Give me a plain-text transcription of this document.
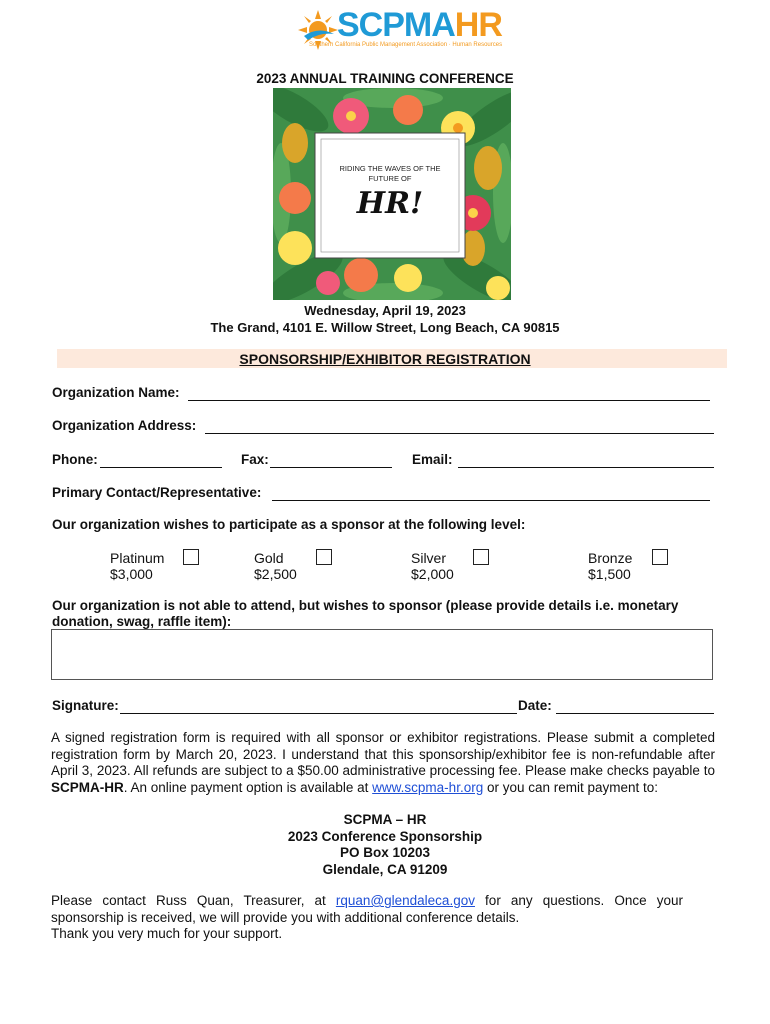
SCPMAHR
Southern California Public Management Association · Human Resources
2023 ANNUAL TRAINING CONFERENCE
RIDING THE WAVES OF THE
FUTURE OF
HR!
Wednesday, April 19, 2023
The Grand, 4101 E. Willow Street, Long Beach, CA 90815
SPONSORSHIP/EXHIBITOR REGISTRATION
Organization Name:
Organization Address:
Phone:	Fax:	Email:
Primary Contact/Representative:
Our organization wishes to participate as a sponsor at the following level:
Platinum
$3,000
Gold
$2,500
Silver
$2,000
Bronze
$1,500
Our organization is not able to attend, but wishes to sponsor (please provide details i.e. monetary donation, swag, raffle item):
Signature:	Date:
A signed registration form is required with all sponsor or exhibitor registrations. Please submit a completed registration form by March 20, 2023. I understand that this sponsorship/exhibitor fee is non-refundable after April 3, 2023. All refunds are subject to a $50.00 administrative processing fee. Please make checks payable to SCPMA-HR. An online payment option is available at www.scpma-hr.org or you can remit payment to:
SCPMA – HR
2023 Conference Sponsorship
PO Box 10203
Glendale, CA 91209
Please contact Russ Quan, Treasurer, at rquan@glendaleca.gov for any questions. Once your sponsorship is received, we will provide you with additional conference details.
Thank you very much for your support.
